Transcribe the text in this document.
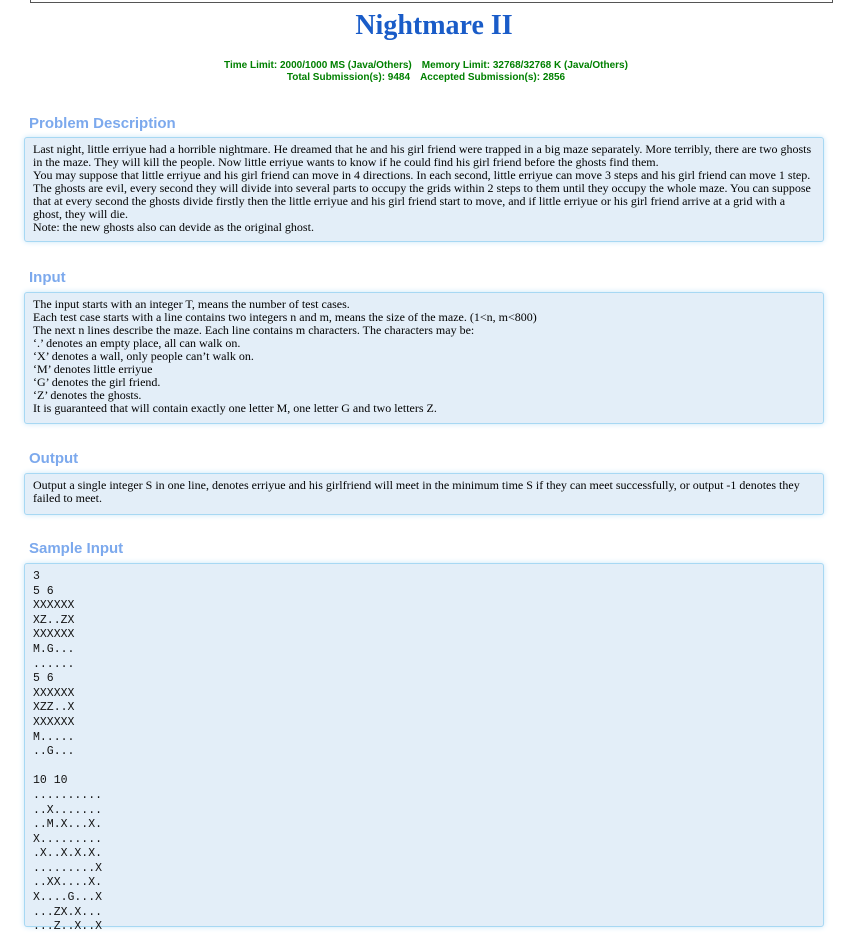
Nightmare II
Time Limit: 2000/1000 MS (Java/Others) Memory Limit: 32768/32768 K (Java/Others)
Total Submission(s): 9484 Accepted Submission(s): 2856
Problem Description
Last night, little erriyue had a horrible nightmare. He dreamed that he and his girl friend were trapped in a big maze separately. More terribly, there are two ghosts in the maze. They will kill the people. Now little erriyue wants to know if he could find his girl friend before the ghosts find them.
You may suppose that little erriyue and his girl friend can move in 4 directions. In each second, little erriyue can move 3 steps and his girl friend can move 1 step. The ghosts are evil, every second they will divide into several parts to occupy the grids within 2 steps to them until they occupy the whole maze. You can suppose that at every second the ghosts divide firstly then the little erriyue and his girl friend start to move, and if little erriyue or his girl friend arrive at a grid with a ghost, they will die.
Note: the new ghosts also can devide as the original ghost.
Input
The input starts with an integer T, means the number of test cases.
Each test case starts with a line contains two integers n and m, means the size of the maze. (1<n, m<800)
The next n lines describe the maze. Each line contains m characters. The characters may be:
‘.’ denotes an empty place, all can walk on.
‘X’ denotes a wall, only people can’t walk on.
‘M’ denotes little erriyue
‘G’ denotes the girl friend.
‘Z’ denotes the ghosts.
It is guaranteed that will contain exactly one letter M, one letter G and two letters Z.
Output
Output a single integer S in one line, denotes erriyue and his girlfriend will meet in the minimum time S if they can meet successfully, or output -1 denotes they failed to meet.
Sample Input
3
5 6
XXXXXX
XZ..ZX
XXXXXX
M.G...
......
5 6
XXXXXX
XZZ..X
XXXXXX
M.....
..G...

10 10
..........
..X.......
..M.X...X.
X.........
.X..X.X.X.
.........X
..XX....X.
X....G...X
...ZX.X...
...Z..X..X
